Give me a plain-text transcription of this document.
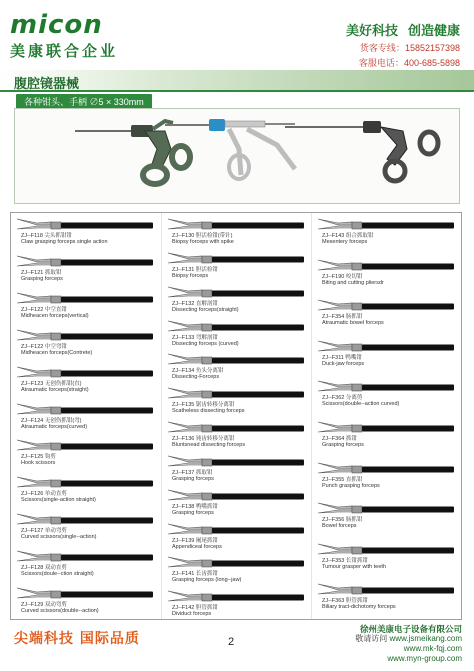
micon
美康联合企业
美好科技 创造健康
货客专线：15852157398
客服电话：400-685-5898
腹腔镜器械
各种钳头、手柄 ∅5 × 330mm
ZJ--F118 尖头抓钳钳
Claw grasping forceps single action
ZJ--F121 抓取钳
Grasping forceps
ZJ--F122 中空直钳
Midheacen forceps(vertical)
ZJ--F122 中空弯钳
Midheacen forceps(Contrete)
ZJ--F123 无创伤抓钳(直)
Atraumatic forceps(straight)
ZJ--F124 无创伤抓钳(弯)
Atraumatic forceps(curved)
ZJ--F125 钩剪
Hook scissors
ZJ--F126 单动直剪
Scissors(single-action straight)
ZJ--F127 单动弯剪
Curved scissors(single--action)
ZJ--F128 双动直剪
Scissors(doule--ction straight)
ZJ--F129 双动弯剪
Curved scissors(double--action)
ZJ--F130 胆活检钳(带针)
Biopsy forceps with spike
ZJ--F131 胆活检钳
Biopsy forceps
ZJ--F132 直解剖钳
Dissecting forceps(straight)
ZJ--F133 弯解剖钳
Dissecting forceps (curved)
ZJ--F134 鱼头分离钳
Dissecting-Forceps
ZJ--F135 锯齿转移分离钳
Scatheless dissecting forceps
ZJ--F136 钝齿转移分离钳
Bluntsnead dissecting forceps
ZJ--F137 抓取钳
Grasping forceps
ZJ--F138 鸭嘴抓钳
Grasping forceps
ZJ--F139 阑尾抓钳
Appendiceal forceps
ZJ--F141 长齿抓钳
Grasping forceps (long--jaw)
ZJ--F142 胆管抓钳
Dividuct forceps
ZJ--F143 组合抓取钳
Mesentery forceps
ZJ--F190 咬切钳
Biting and cutting pliersdr
ZJ--F354 肠抓钳
Atraumatic bowel forceps
ZJ--F311 鸭嘴钳
Duck-jaw forceps
ZJ--F362 分离剪
Scissors(double--action curved)
ZJ--F364 抓钳
Grasping forceps
ZJ--F355 直抓钳
Punch grasping forceps
ZJ--F356 肠抓钳
Bowel forceps
ZJ--F353 长钳抓钳
Tumour grasper with teeth
ZJ--F363 胆管抓钳
Biliary tract-dichotomy forceps
尖端科技 国际品质	2
徐州美康电子设备有限公司
敬请访问 www.jsmeikang.com
www.mk-fqj.com
www.myn-group.com
